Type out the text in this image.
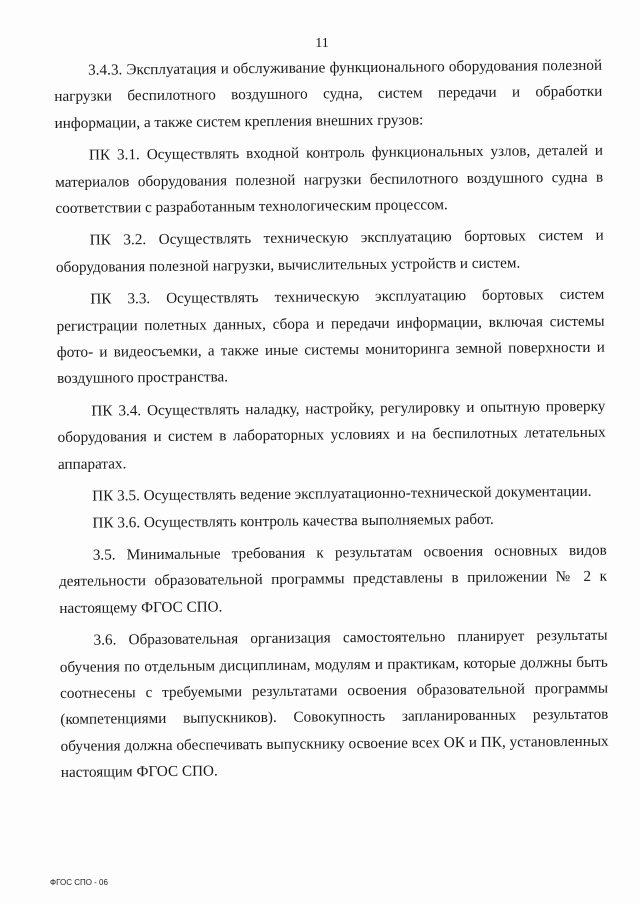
11

3.4.3. Эксплуатация и обслуживание функционального оборудования полезной нагрузки беспилотного воздушного судна, систем передачи и обработки информации, а также систем крепления внешних грузов:

ПК 3.1. Осуществлять входной контроль функциональных узлов, деталей и материалов оборудования полезной нагрузки беспилотного воздушного судна в соответствии с разработанным технологическим процессом.

ПК 3.2. Осуществлять техническую эксплуатацию бортовых систем и оборудования полезной нагрузки, вычислительных устройств и систем.

ПК 3.3. Осуществлять техническую эксплуатацию бортовых систем регистрации полетных данных, сбора и передачи информации, включая системы фото- и видеосъемки, а также иные системы мониторинга земной поверхности и воздушного пространства.

ПК 3.4. Осуществлять наладку, настройку, регулировку и опытную проверку оборудования и систем в лабораторных условиях и на беспилотных летательных аппаратах.

ПК 3.5. Осуществлять ведение эксплуатационно-технической документации.

ПК 3.6. Осуществлять контроль качества выполняемых работ.

3.5. Минимальные требования к результатам освоения основных видов деятельности образовательной программы представлены в приложении № 2 к настоящему ФГОС СПО.

3.6. Образовательная организация самостоятельно планирует результаты обучения по отдельным дисциплинам, модулям и практикам, которые должны быть соотнесены с требуемыми результатами освоения образовательной программы (компетенциями выпускников). Совокупность запланированных результатов обучения должна обеспечивать выпускнику освоение всех ОК и ПК, установленных настоящим ФГОС СПО.

ФГОС СПО - 06
